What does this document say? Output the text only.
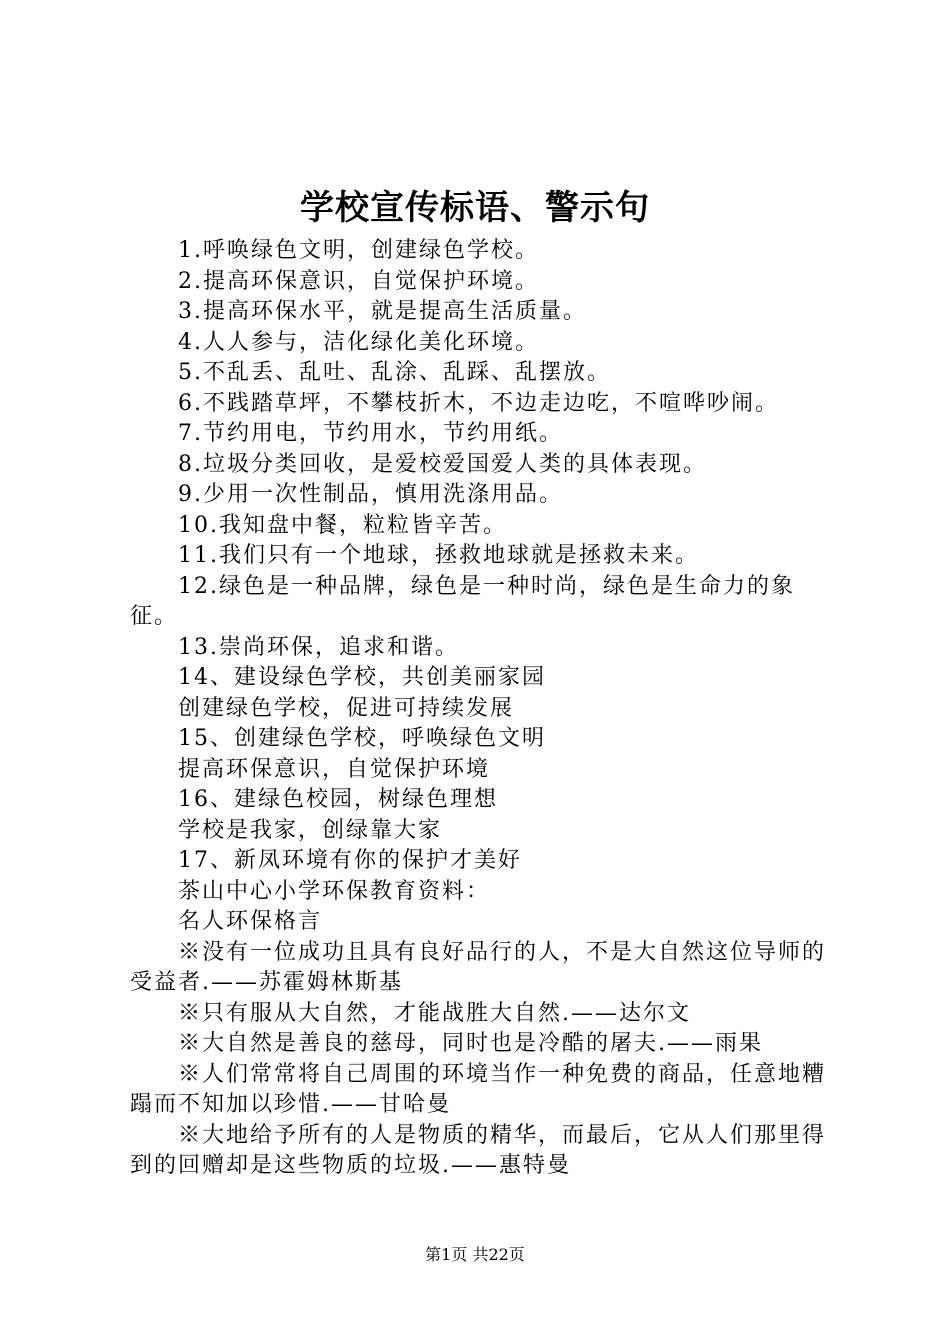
学校宣传标语、警示句

1.呼唤绿色文明，创建绿色学校。

2.提高环保意识，自觉保护环境。

3.提高环保水平，就是提高生活质量。

4.人人参与，洁化绿化美化环境。

5.不乱丢、乱吐、乱涂、乱踩、乱摆放。

6.不践踏草坪，不攀枝折木，不边走边吃，不喧哗吵闹。

7.节约用电，节约用水，节约用纸。

8.垃圾分类回收，是爱校爱国爱人类的具体表现。

9.少用一次性制品，慎用洗涤用品。

10.我知盘中餐，粒粒皆辛苦。

11.我们只有一个地球，拯救地球就是拯救未来。

12.绿色是一种品牌，绿色是一种时尚，绿色是生命力的象征。

13.崇尚环保，追求和谐。

14、建设绿色学校，共创美丽家园

创建绿色学校，促进可持续发展

15、创建绿色学校，呼唤绿色文明

提高环保意识，自觉保护环境

16、建绿色校园，树绿色理想

学校是我家，创绿靠大家

17、新凤环境有你的保护才美好

茶山中心小学环保教育资料：

名人环保格言

※没有一位成功且具有良好品行的人，不是大自然这位导师的受益者.——苏霍姆林斯基

※只有服从大自然，才能战胜大自然.——达尔文

※大自然是善良的慈母，同时也是冷酷的屠夫.——雨果

※人们常常将自己周围的环境当作一种免费的商品，任意地糟蹋而不知加以珍惜.——甘哈曼

※大地给予所有的人是物质的精华，而最后，它从人们那里得到的回赠却是这些物质的垃圾.——惠特曼

第1页 共22页
